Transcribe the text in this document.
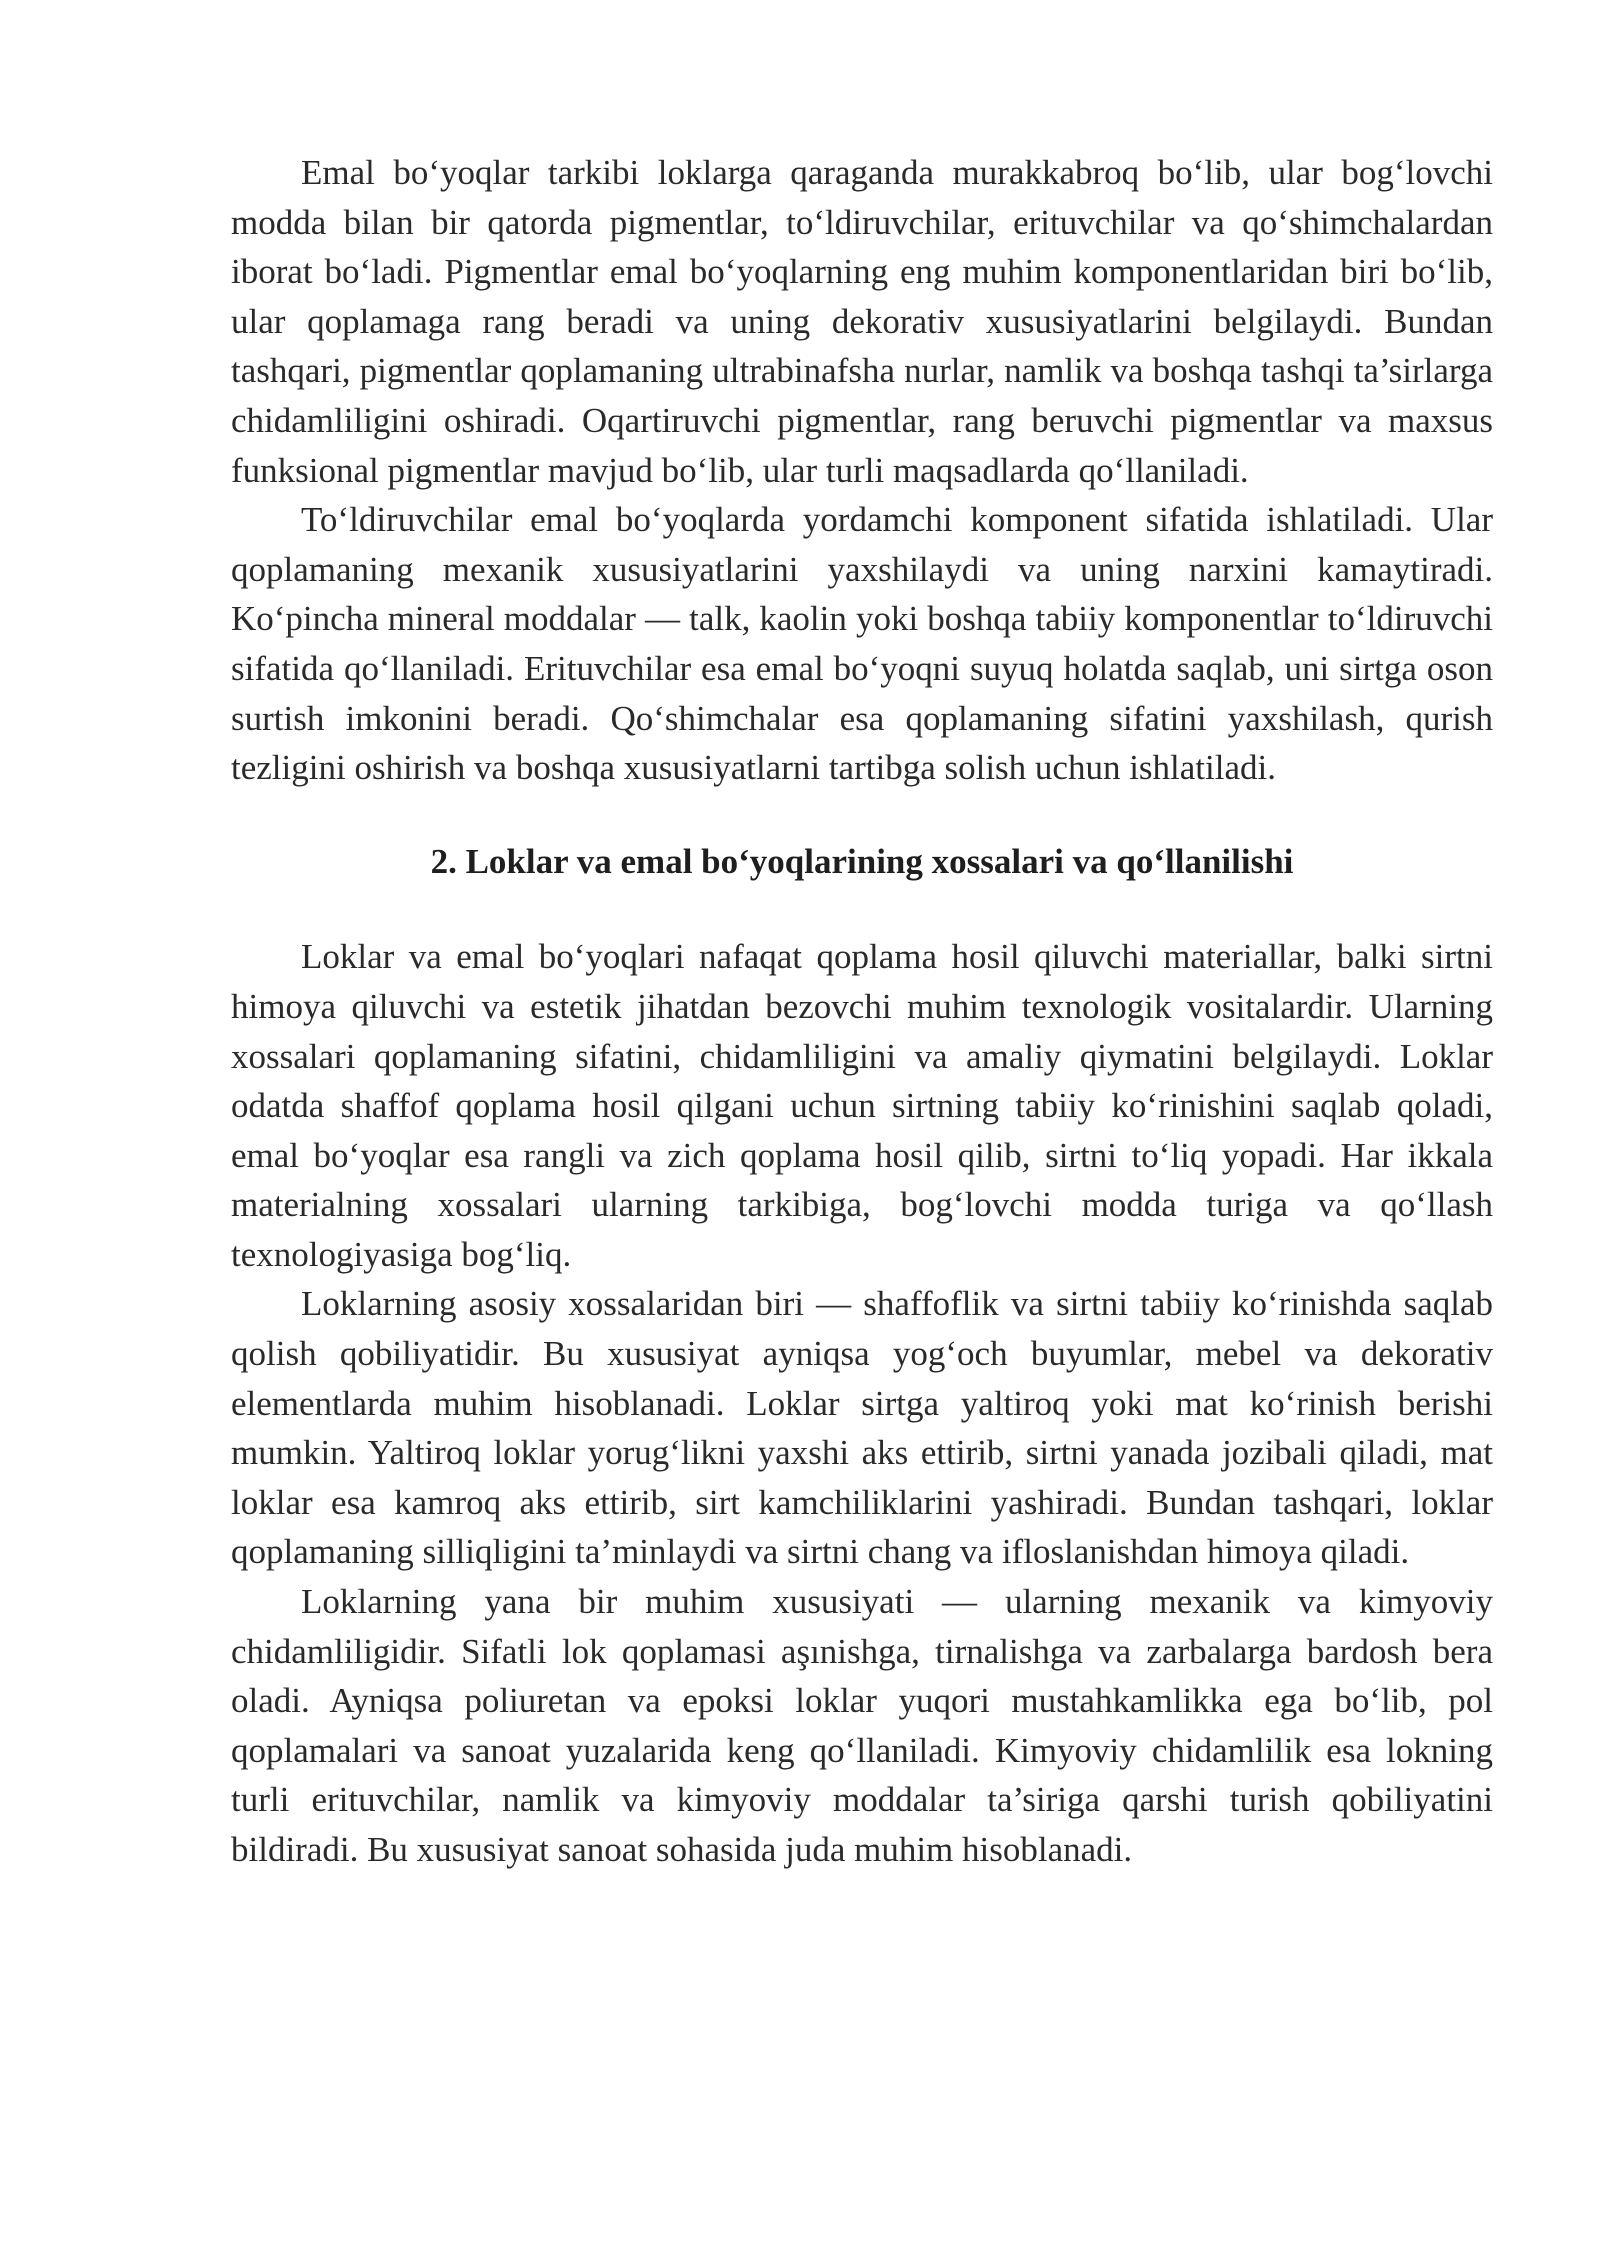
Emal bo‘yoqlar tarkibi loklarga qaraganda murakkabroq bo‘lib, ular bog‘lovchi modda bilan bir qatorda pigmentlar, to‘ldiruvchilar, erituvchilar va qo‘shimchalardan iborat bo‘ladi. Pigmentlar emal bo‘yoqlarning eng muhim komponentlaridan biri bo‘lib, ular qoplamaga rang beradi va uning dekorativ xususiyatlarini belgilaydi. Bundan tashqari, pigmentlar qoplamaning ultrabinafsha nurlar, namlik va boshqa tashqi ta’sirlarga chidamliligini oshiradi. Oqartiruvchi pigmentlar, rang beruvchi pigmentlar va maxsus funksional pigmentlar mavjud bo‘lib, ular turli maqsadlarda qo‘llaniladi.

To‘ldiruvchilar emal bo‘yoqlarda yordamchi komponent sifatida ishlatiladi. Ular qoplamaning mexanik xususiyatlarini yaxshilaydi va uning narxini kamaytiradi. Ko‘pincha mineral moddalar — talk, kaolin yoki boshqa tabiiy komponentlar to‘ldiruvchi sifatida qo‘llaniladi. Erituvchilar esa emal bo‘yoqni suyuq holatda saqlab, uni sirtga oson surtish imkonini beradi. Qo‘shimchalar esa qoplamaning sifatini yaxshilash, qurish tezligini oshirish va boshqa xususiyatlarni tartibga solish uchun ishlatiladi.

2. Loklar va emal bo‘yoqlarining xossalari va qo‘llanilishi

Loklar va emal bo‘yoqlari nafaqat qoplama hosil qiluvchi materiallar, balki sirtni himoya qiluvchi va estetik jihatdan bezovchi muhim texnologik vositalardir. Ularning xossalari qoplamaning sifatini, chidamliligini va amaliy qiymatini belgilaydi. Loklar odatda shaffof qoplama hosil qilgani uchun sirtning tabiiy ko‘rinishini saqlab qoladi, emal bo‘yoqlar esa rangli va zich qoplama hosil qilib, sirtni to‘liq yopadi. Har ikkala materialning xossalari ularning tarkibiga, bog‘lovchi modda turiga va qo‘llash texnologiyasiga bog‘liq.

Loklarning asosiy xossalaridan biri — shaffoflik va sirtni tabiiy ko‘rinishda saqlab qolish qobiliyatidir. Bu xususiyat ayniqsa yog‘och buyumlar, mebel va dekorativ elementlarda muhim hisoblanadi. Loklar sirtga yaltiroq yoki mat ko‘rinish berishi mumkin. Yaltiroq loklar yorug‘likni yaxshi aks ettirib, sirtni yanada jozibali qiladi, mat loklar esa kamroq aks ettirib, sirt kamchiliklarini yashiradi. Bundan tashqari, loklar qoplamaning silliqligini ta’minlaydi va sirtni chang va ifloslanishdan himoya qiladi.

Loklarning yana bir muhim xususiyati — ularning mexanik va kimyoviy chidamliligidir. Sifatli lok qoplamasi aşınishga, tirnalishga va zarbalarga bardosh bera oladi. Ayniqsa poliuretan va epoksi loklar yuqori mustahkamlikka ega bo‘lib, pol qoplamalari va sanoat yuzalarida keng qo‘llaniladi. Kimyoviy chidamlilik esa lokning turli erituvchilar, namlik va kimyoviy moddalar ta’siriga qarshi turish qobiliyatini bildiradi. Bu xususiyat sanoat sohasida juda muhim hisoblanadi.
